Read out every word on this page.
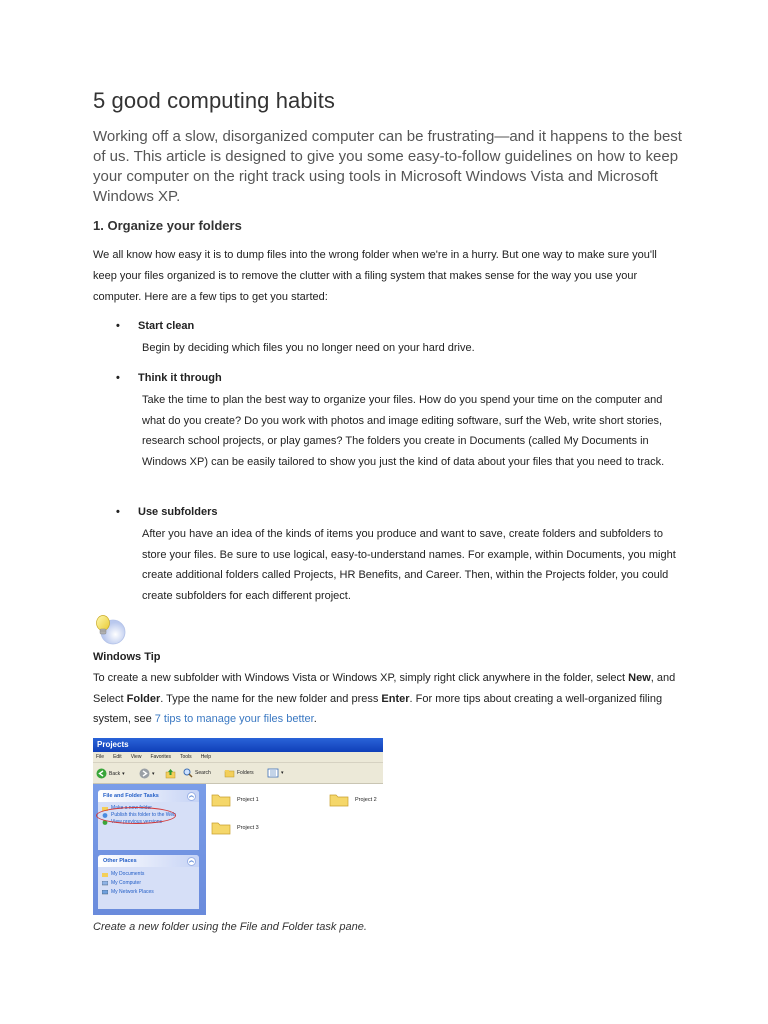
5 good computing habits

Working off a slow, disorganized computer can be frustrating—and it happens to the best of us. This article is designed to give you some easy-to-follow guidelines on how to keep your computer on the right track using tools in Microsoft Windows Vista and Microsoft Windows XP.

1. Organize your folders

We all know how easy it is to dump files into the wrong folder when we're in a hurry. But one way to make sure you'll keep your files organized is to remove the clutter with a filing system that makes sense for the way you use your computer. Here are a few tips to get you started:

• Start clean

Begin by deciding which files you no longer need on your hard drive.

• Think it through

Take the time to plan the best way to organize your files. How do you spend your time on the computer and what do you create? Do you work with photos and image editing software, surf the Web, write short stories, research school projects, or play games? The folders you create in Documents (called My Documents in Windows XP) can be easily tailored to show you just the kind of data about your files that you need to track.

• Use subfolders

After you have an idea of the kinds of items you produce and want to save, create folders and subfolders to store your files. Be sure to use logical, easy-to-understand names. For example, within Documents, you might create additional folders called Projects, HR Benefits, and Career. Then, within the Projects folder, you could create subfolders for each different project.

Windows Tip

To create a new subfolder with Windows Vista or Windows XP, simply right click anywhere in the folder, select New, and Select Folder. Type the name for the new folder and press Enter. For more tips about creating a well-organized filing system, see 7 tips to manage your files better.

Projects
File Edit View Favorites Tools Help
Back ▾	▾	Search	Folders	▾
File and Folder Tasks	︽
Make a new folder
Publish this folder to the Web
View previous versions
Other Places	︽
My Documents
My Computer
My Network Places
Project 1	Project 2
Project 3
Create a new folder using the File and Folder task pane.
